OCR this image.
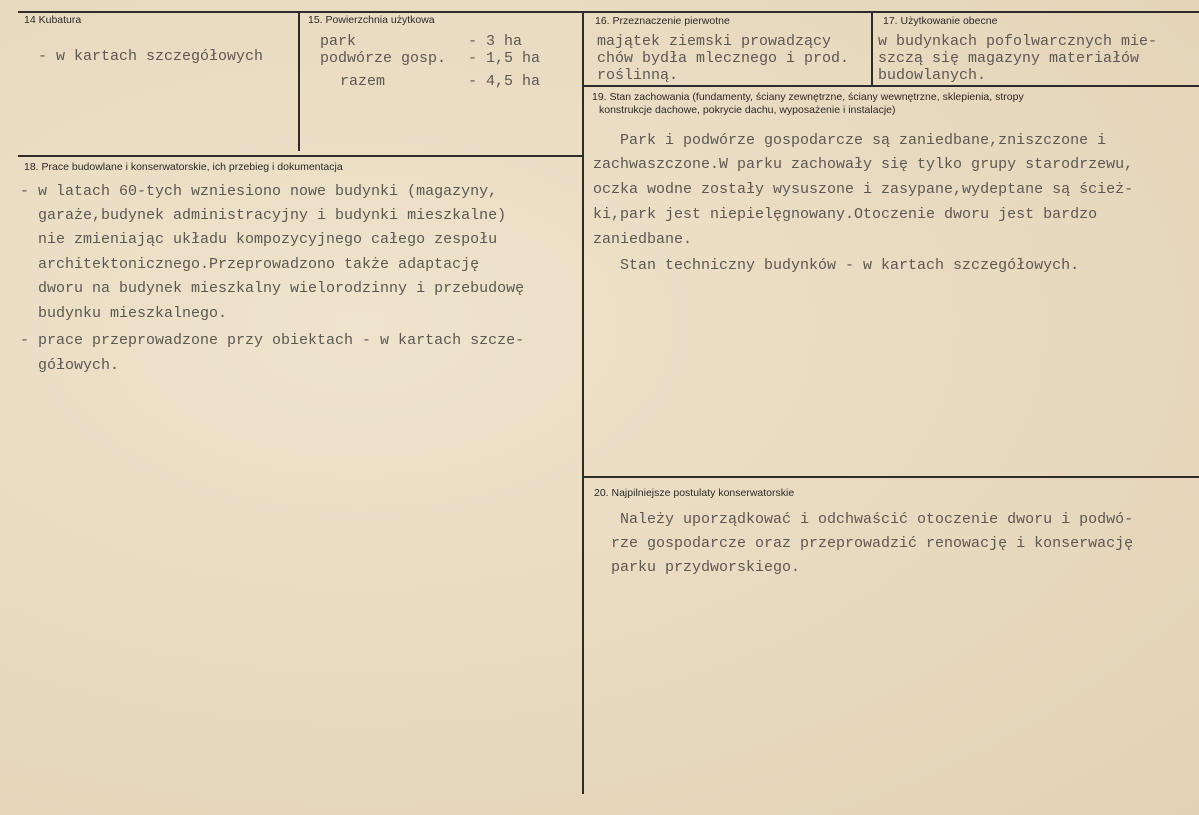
14 Kubatura
- w kartach szczegółowych
15. Powierzchnia użytkowa
park	- 3 ha
podwórze gosp. - 1,5 ha
razem	- 4,5 ha
16. Przeznaczenie pierwotne
majątek ziemski prowadzący
chów bydła mlecznego i prod.
roślinną.
17. Użytkowanie obecne
w budynkach pofolwarcznych mie-
szczą się magazyny materiałów
budowlanych.
18. Prace budowlane i konserwatorskie, ich przebieg i dokumentacja
- w latach 60-tych wzniesiono nowe budynki (magazyny,
garaże,budynek administracyjny i budynki mieszkalne)
nie zmieniając układu kompozycyjnego całego zespołu
architektonicznego.Przeprowadzono także adaptację
dworu na budynek mieszkalny wielorodzinny i przebudowę
budynku mieszkalnego.
- prace przeprowadzone przy obiektach - w kartach szcze-
gółowych.
19. Stan zachowania (fundamenty, ściany zewnętrzne, ściany wewnętrzne, sklepienia, stropy
konstrukcje dachowe, pokrycie dachu, wyposażenie i instalacje)
Park i podwórze gospodarcze są zaniedbane,zniszczone i
zachwaszczone.W parku zachowały się tylko grupy starodrzewu,
oczka wodne zostały wysuszone i zasypane,wydeptane są ścież-
ki,park jest niepielęgnowany.Otoczenie dworu jest bardzo
zaniedbane.
Stan techniczny budynków - w kartach szczegółowych.
20. Najpilniejsze postulaty konserwatorskie
Należy uporządkować i odchwaścić otoczenie dworu i podwó-
rze gospodarcze oraz przeprowadzić renowację i konserwację
parku przydworskiego.
